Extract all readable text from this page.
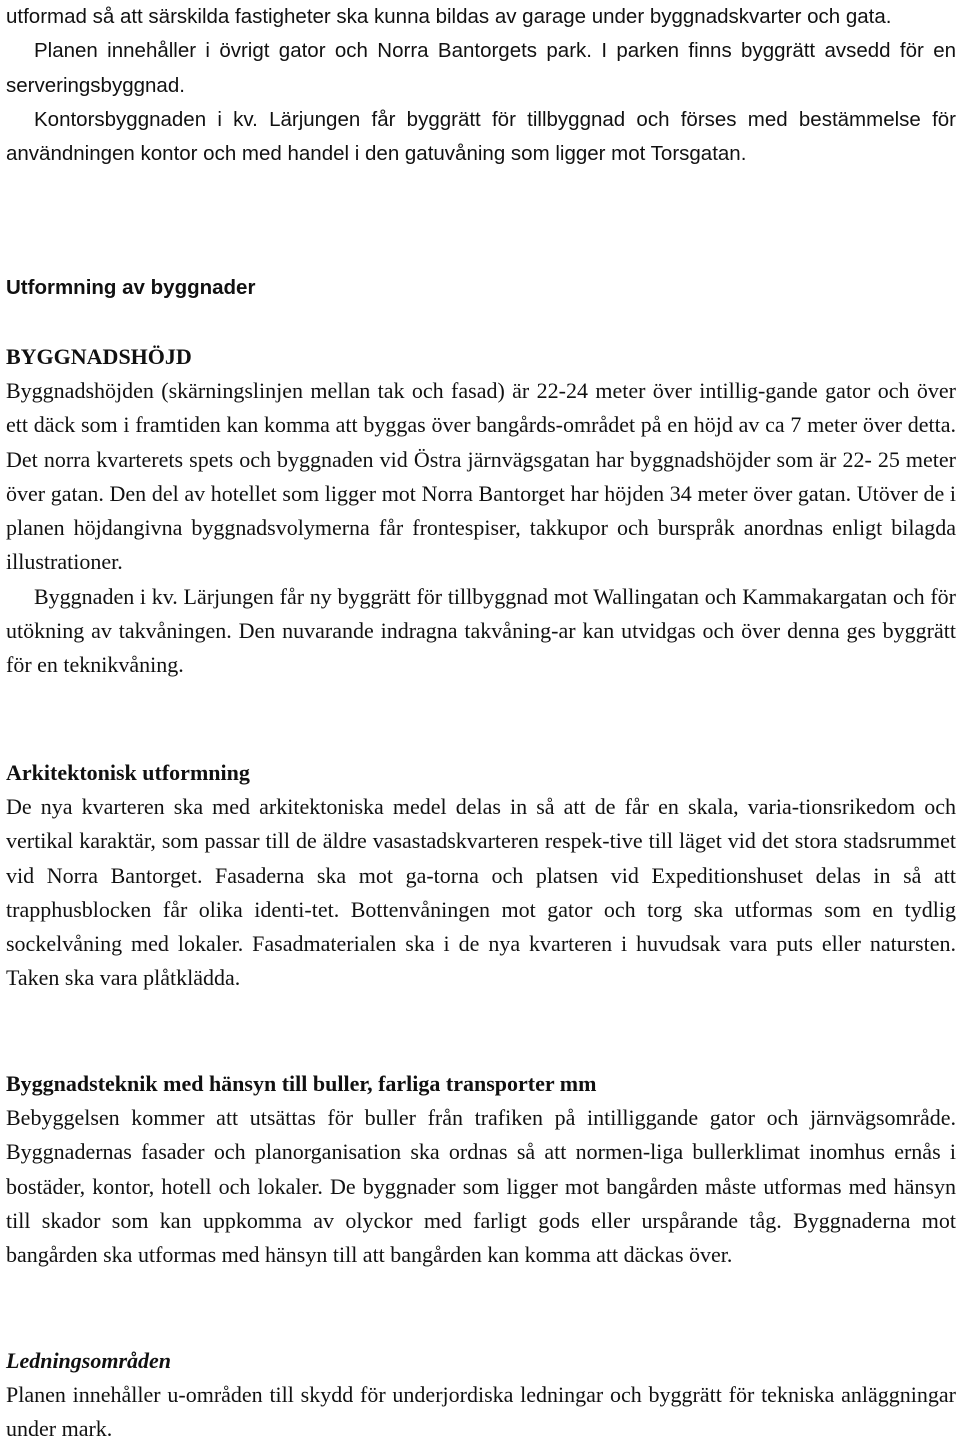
utformad så att särskilda fastigheter ska kunna bildas av garage under byggnadskvarter och gata.

Planen innehåller i övrigt gator och Norra Bantorgets park. I parken finns byggrätt avsedd för en serveringsbyggnad.

Kontorsbyggnaden i kv. Lärjungen får byggrätt för tillbyggnad och förses med bestämmelse för användningen kontor och med handel i den gatuvåning som ligger mot Torsgatan.

Utformning av byggnader
BYGGNADSHÖJD

Byggnadshöjden (skärningslinjen mellan tak och fasad) är 22-24 meter över intillig-gande gator och över ett däck som i framtiden kan komma att byggas över bangårds-området på en höjd av ca 7 meter över detta. Det norra kvarterets spets och byggnaden vid Östra järnvägsgatan har byggnadshöjder som är 22- 25 meter över gatan. Den del av hotellet som ligger mot Norra Bantorget har höjden 34 meter över gatan. Utöver de i planen höjdangivna byggnadsvolymerna får frontespiser, takkupor och burspråk anordnas enligt bilagda illustrationer.

Byggnaden i kv. Lärjungen får ny byggrätt för tillbyggnad mot Wallingatan och Kammakargatan och för utökning av takvåningen. Den nuvarande indragna takvåning-ar kan utvidgas och över denna ges byggrätt för en teknikvåning.

Arkitektonisk utformning

De nya kvarteren ska med arkitektoniska medel delas in så att de får en skala, varia-tionsrikedom och vertikal karaktär, som passar till de äldre vasastadskvarteren respek-tive till läget vid det stora stadsrummet vid Norra Bantorget. Fasaderna ska mot ga-torna och platsen vid Expeditionshuset delas in så att trapphusblocken får olika identi-tet. Bottenvåningen mot gator och torg ska utformas som en tydlig sockelvåning med lokaler. Fasadmaterialen ska i de nya kvarteren i huvudsak vara puts eller natursten. Taken ska vara plåtklädda.

Byggnadsteknik med hänsyn till buller, farliga transporter mm

Bebyggelsen kommer att utsättas för buller från trafiken på intilliggande gator och järnvägsområde. Byggnadernas fasader och planorganisation ska ordnas så att normen-liga bullerklimat inomhus ernås i bostäder, kontor, hotell och lokaler. De byggnader som ligger mot bangården måste utformas med hänsyn till skador som kan uppkomma av olyckor med farligt gods eller urspårande tåg. Byggnaderna mot bangården ska utformas med hänsyn till att bangården kan komma att däckas över.

Ledningsområden

Planen innehåller u-områden till skydd för underjordiska ledningar och byggrätt för tekniska anläggningar under mark.
